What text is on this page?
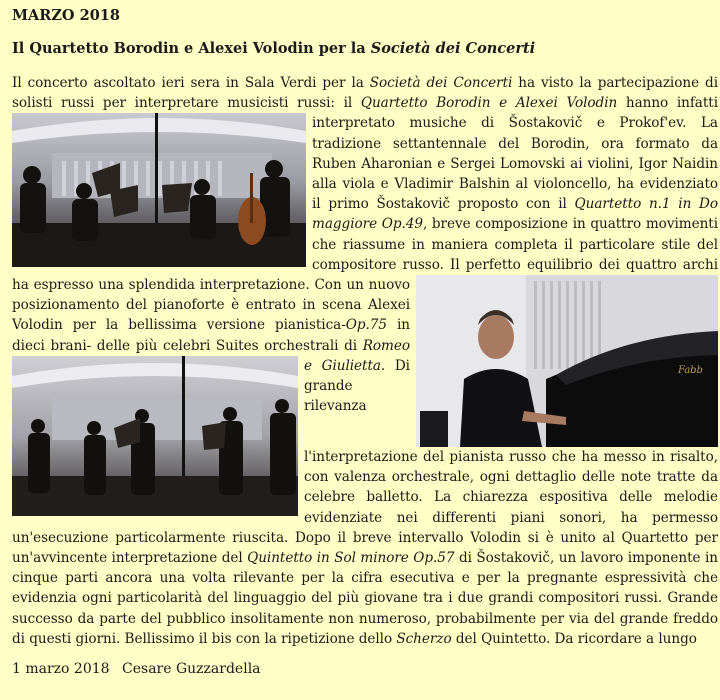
MARZO 2018
Il Quartetto Borodin e Alexei Volodin per la Società dei Concerti

Il concerto ascoltato ieri sera in Sala Verdi per la Società dei Concerti ha visto la partecipazione di solisti russi per interpretare musicisti russi: il Quartetto Borodin e Alexei Volodin hanno infatti interpretato
musiche di Šostakovič e Prokof'ev. La tradizione settantennale del Borodin, ora formato da Ruben Aharonian e Sergei Lomovski ai violini, Igor Naidin alla viola e Vladimir Balshin al violoncello, ha evidenziato il primo Šostakovič proposto con il Quartetto n.1 in Do maggiore Op.49, breve composizione in quattro movimenti che riassume in maniera completa il particolare stile del compositore russo. Il perfetto equilibrio dei quattro archi ha espresso una splendida interpretazione. Con un nuovo
Fabb
posizionamento del pianoforte è entrato in scena Alexei Volodin per la bellissima versione pianistica-Op.75 in dieci brani- delle più celebri Suites orchestrali di
Romeo e Giulietta. Di grande rilevanza l'interpretazione del pianista russo che ha messo in risalto, con valenza orchestrale, ogni dettaglio delle note tratte da celebre balletto. La chiarezza espositiva delle melodie evidenziate nei differenti piani sonori, ha permesso un'esecuzione particolarmente riuscita. Dopo il breve intervallo Volodin si è unito al Quartetto per un'avvincente interpretazione del Quintetto in Sol minore Op.57 di Šostakovič, un lavoro imponente in cinque parti ancora una volta rilevante per la cifra esecutiva e per la pregnante espressività che evidenzia ogni particolarità del linguaggio del più giovane tra i due grandi compositori russi. Grande successo da parte del pubblico insolitamente non numeroso, probabilmente per via del grande freddo di questi giorni. Bellissimo il bis con la ripetizione dello Scherzo del Quintetto. Da ricordare a lungo

1 marzo 2018 Cesare Guzzardella
